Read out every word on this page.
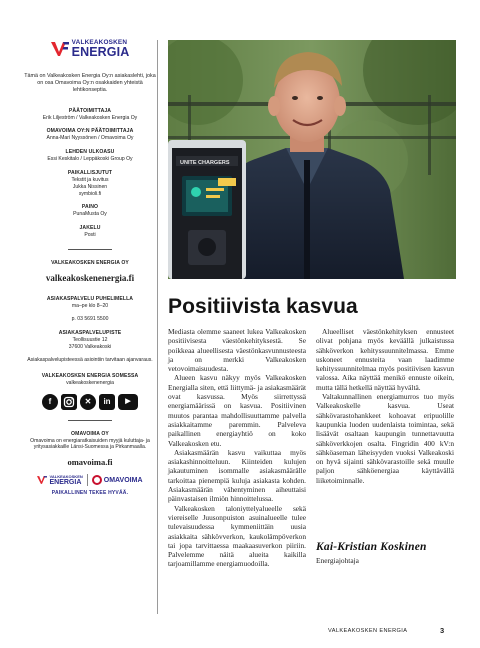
VALKEAKOSKEN
ENERGIA
Tämä on Valkeakosken Energia Oy:n asiakaslehti, joka on osa Omavoima Oy:n osakkaiden yhteistä lehtikonseptia.
PÄÄTOIMITTAJA
Erik Liljeström / Valkeakosken Energia Oy
OMAVOIMA OY:N PÄÄTOIMITTAJA
Anna-Mari Nyyssönen / Omavoima Oy
LEHDEN ULKOASU
Essi Keskitalo / Leppäkoski Group Oy
PAIKALLISJUTUT
Tekstit ja kuvitus
Jukka Nissinen
symbioli.fi
PAINO
PunaMusta Oy
JAKELU
Posti
VALKEAKOSKEN ENERGIA OY
valkeakoskenenergia.fi
ASIAKASPALVELU PUHELIMELLA
ma–pe klo 8–20
p. 03 5691 5500
ASIAKASPALVELUPISTE
Teollisuustie 12
37600 Valkeakoski
Asiakaspalvelupisteessä asiointiin tarvitaan ajanvaraus.
VALKEAKOSKEN ENERGIA SOMESSA
valkeakoskenenergia
f	✕	in	▶
OMAVOIMA OY
Omavoima on energiaratkaisuiden myyjä kuluttaja- ja yritysasiakkaille Länsi-Suomessa ja Pirkanmaalla.
omavoima.fi
VALKEAKOSKEN
ENERGIA	OMAVOIMA
PAIKALLINEN TEKEE HYVÄÄ.
UNITE CHARGERS
Positiivista kasvua

Mediasta olemme saaneet lukea Valkeakosken positiivisesta väestönkehityksestä. Se poikkeaa alueellisesta väestönkasvunnusteesta ja on merkki Valkeakosken vetovoimaisuudesta.

Alueen kasvu näkyy myös Valkeakosken Energialla siten, että liittymä- ja asiakasmäärät ovat kasvussa. Myös siirrettyssä energiamäärissä on kasvua. Positiivinen muutos parantaa mahdollisuuttamme palvella asiakkaitamme paremmin. Palveleva paikallinen energiayhtiö on koko Valkeakosken etu.

Asiakasmäärän kasvu vaikuttaa myös asiakashinnoitteluun. Kiinteiden kulujen jakautuminen isommalle asiakasmäärälle tarkoittaa pienempiä kuluja asiakasta kohden. Asiakasmäärän vähentyminen aiheuttaisi päinvastaisen ilmiön hinnoittelussa.

Valkeakosken taloniyttelyalueelle sekä viereiselle Juusonpuiston asuinalueelle tulee tulevaisuudessa kymmeniittäin uusia asiakkaita sähkövverkon, kaukolämpöverkon tai jopa tarvittaessa maakaasuverkon piiriin. Palvelemme näitä alueita kaikilla tarjoamillamme energiamuodoilla.

Alueelliset väestönkehityksen ennusteet olivat pohjana myös keväällä julkaistussa sähköverkon kehityssuunnitelmassa. Emme uskoneet ennusteita vaan laadimme kehityssuunnitelmaa myös positiivisen kasvun valossa. Aika näyttää menikö ennuste oikein, mutta tällä hetkellä näyttää hyvältä.

Valtakunnallinen energiamurros tuo myös Valkeakoskelle kasvua. Useat sähkövarastohankkeet kohoavat eripuolille kaupunkia luoden uudenlaista toimintaa, sekä lisäävät osaltaan kaupungin tunnettavuutta sähköverkkojen osalta. Fingridin 400 kV:n sähköaseman läheisyyden vuoksi Valkeakoski on hyvä sijainti sähkövarastoille sekä muulle paljon sähköenergiaa käyttävällä liiketoiminnalle.

Kai-Kristian Koskinen
Energiajohtaja
VALKEAKOSKEN ENERGIA	3
